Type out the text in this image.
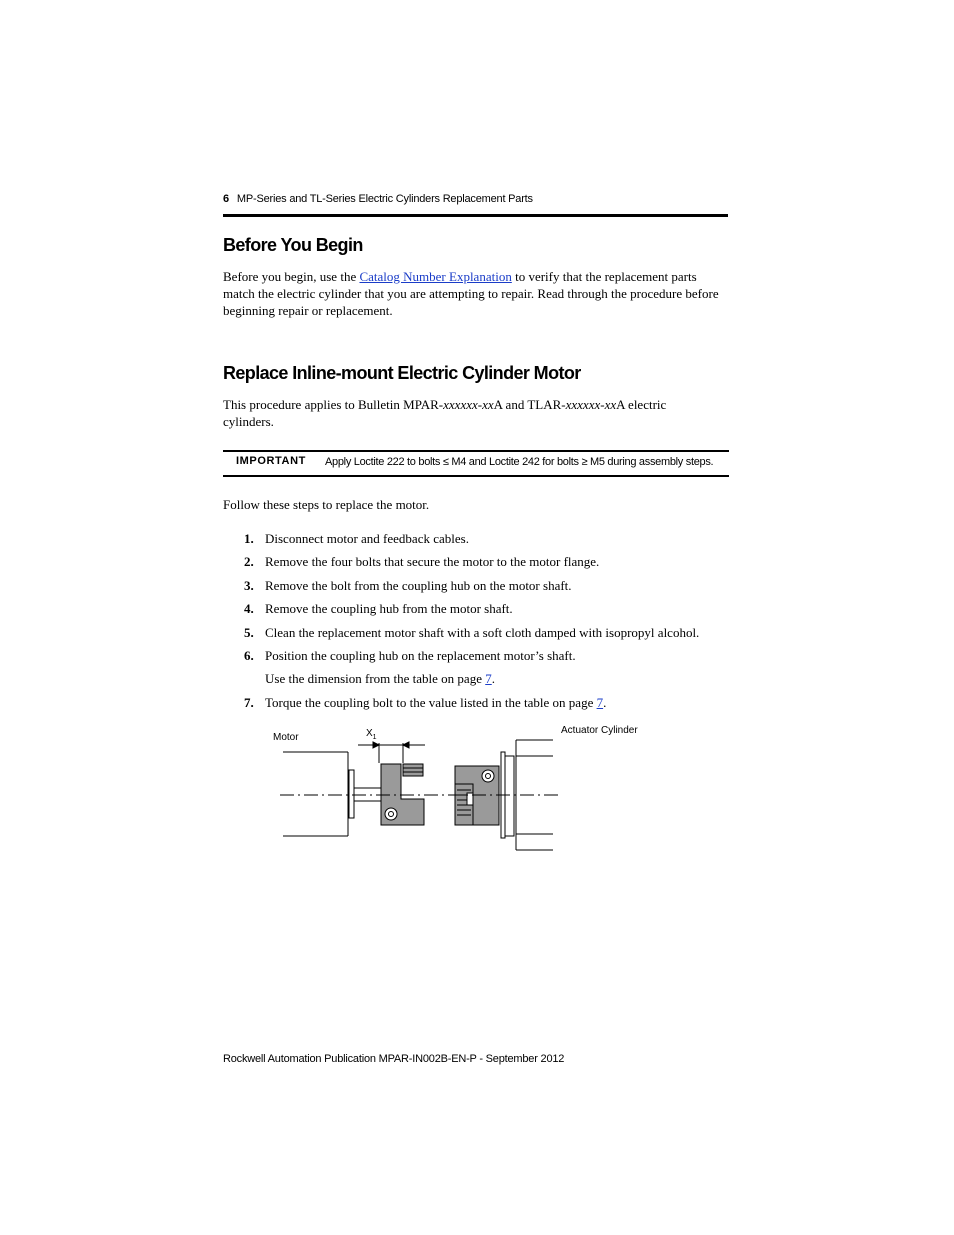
6 MP-Series and TL-Series Electric Cylinders Replacement Parts
Before You Begin

Before you begin, use the Catalog Number Explanation to verify that the replacement parts match the electric cylinder that you are attempting to repair. Read through the procedure before beginning repair or replacement.

Replace Inline-mount Electric Cylinder Motor

This procedure applies to Bulletin MPAR-xxxxxx-xxA and TLAR-xxxxxx-xxA electric cylinders.

IMPORTANT Apply Loctite 222 to bolts ≤ M4 and Loctite 242 for bolts ≥ M5 during assembly steps.

Follow these steps to replace the motor.

1. Disconnect motor and feedback cables.
2. Remove the four bolts that secure the motor to the motor flange.
3. Remove the bolt from the coupling hub on the motor shaft.
4. Remove the coupling hub from the motor shaft.
5. Clean the replacement motor shaft with a soft cloth damped with isopropyl alcohol.
6. Position the coupling hub on the replacement motor’s shaft.
Use the dimension from the table on page 7.
7. Torque the coupling bolt to the value listed in the table on page 7.
Motor	$X_1$
Actuator Cylinder
Rockwell Automation Publication MPAR-IN002B-EN-P - September 2012
